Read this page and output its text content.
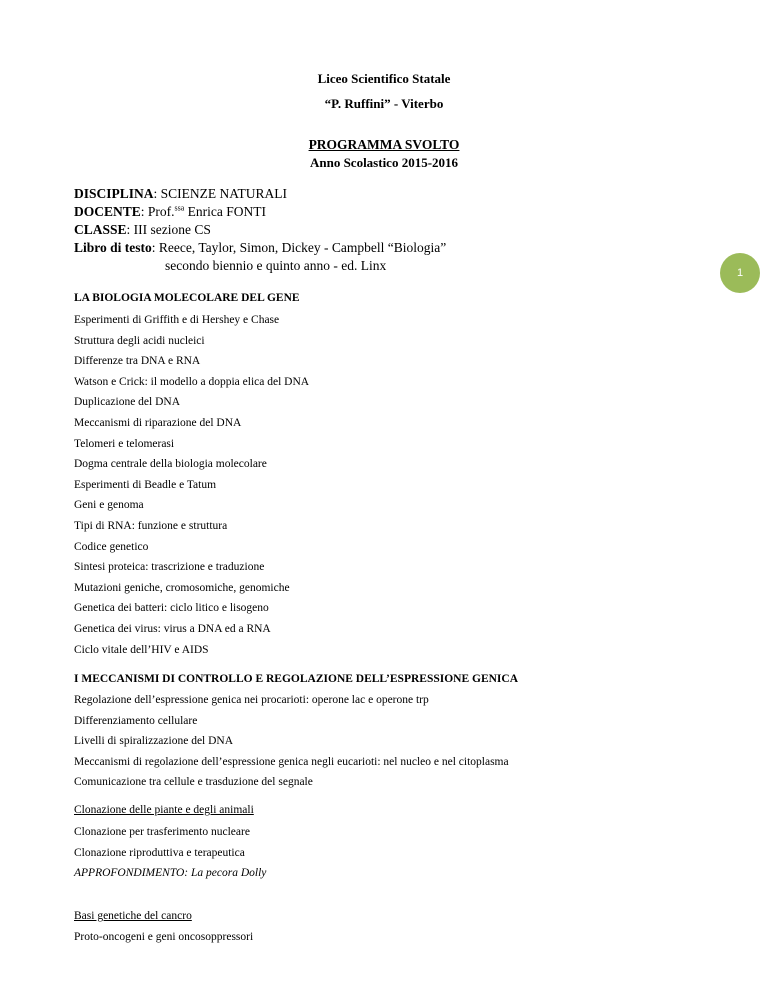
Liceo Scientifico Statale
“P. Ruffini” - Viterbo
PROGRAMMA SVOLTO
Anno Scolastico 2015-2016
DISCIPLINA: SCIENZE NATURALI
DOCENTE: Prof.$^{ssa}$ Enrica FONTI
CLASSE: III sezione CS
Libro di testo: Reece, Taylor, Simon, Dickey - Campbell “Biologia”
secondo biennio e quinto anno - ed. Linx	1
LA BIOLOGIA MOLECOLARE DEL GENE
Esperimenti di Griffith e di Hershey e Chase
Struttura degli acidi nucleici
Differenze tra DNA e RNA
Watson e Crick: il modello a doppia elica del DNA
Duplicazione del DNA
Meccanismi di riparazione del DNA
Telomeri e telomerasi
Dogma centrale della biologia molecolare
Esperimenti di Beadle e Tatum
Geni e genoma
Tipi di RNA: funzione e struttura
Codice genetico
Sintesi proteica: trascrizione e traduzione
Mutazioni geniche, cromosomiche, genomiche
Genetica dei batteri: ciclo litico e lisogeno
Genetica dei virus: virus a DNA ed a RNA
Ciclo vitale dell’HIV e AIDS
I MECCANISMI DI CONTROLLO E REGOLAZIONE DELL’ESPRESSIONE GENICA
Regolazione dell’espressione genica nei procarioti: operone lac e operone trp
Differenziamento cellulare
Livelli di spiralizzazione del DNA
Meccanismi di regolazione dell’espressione genica negli eucarioti: nel nucleo e nel citoplasma
Comunicazione tra cellule e trasduzione del segnale
Clonazione delle piante e degli animali
Clonazione per trasferimento nucleare
Clonazione riproduttiva e terapeutica
APPROFONDIMENTO: La pecora Dolly
Basi genetiche del cancro
Proto-oncogeni e geni oncosoppressori
